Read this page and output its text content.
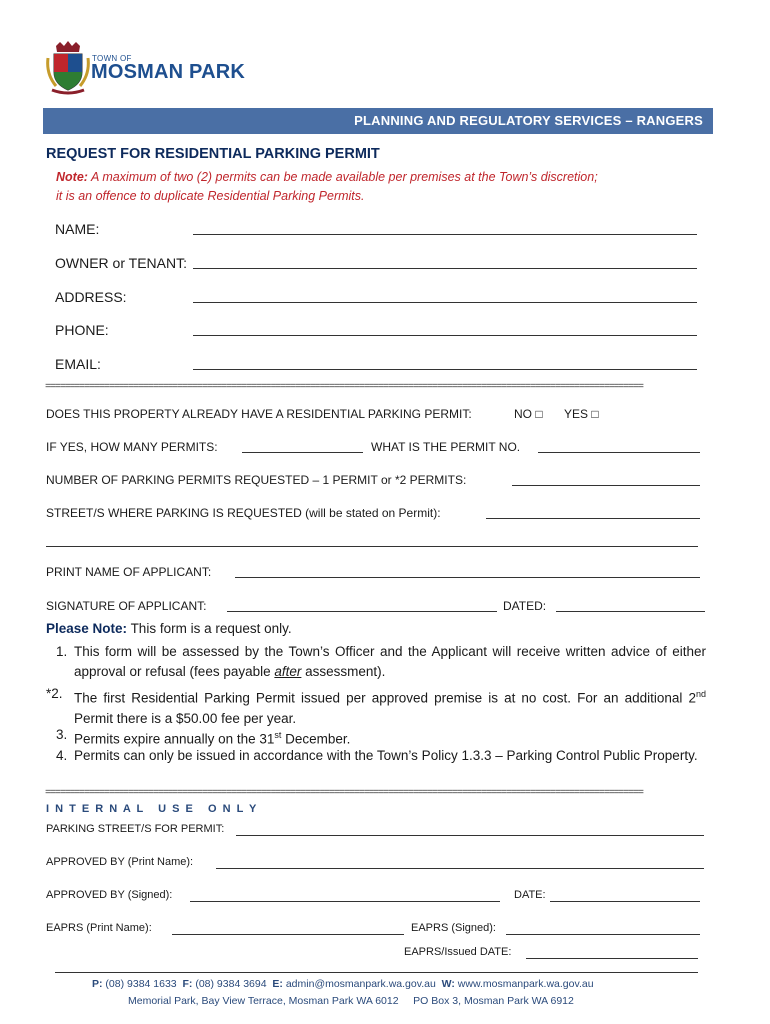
TOWN OF
MOSMAN PARK
PLANNING AND REGULATORY SERVICES – RANGERS
REQUEST FOR RESIDENTIAL PARKING PERMIT
Note: A maximum of two (2) permits can be made available per premises at the Town’s discretion;
it is an offence to duplicate Residential Parking Permits.
NAME:
OWNER or TENANT:
ADDRESS:
PHONE:
EMAIL:
==========================================================================================================================
DOES THIS PROPERTY ALREADY HAVE A RESIDENTIAL PARKING PERMIT:	NO □ YES □
IF YES, HOW MANY PERMITS:	WHAT IS THE PERMIT NO.
NUMBER OF PARKING PERMITS REQUESTED – 1 PERMIT or *2 PERMITS:
STREET/S WHERE PARKING IS REQUESTED (will be stated on Permit):
PRINT NAME OF APPLICANT:
SIGNATURE OF APPLICANT:	DATED:
Please Note: This form is a request only.
1. This form will be assessed by the Town’s Officer and the Applicant will receive written advice of either approval or refusal (fees payable after assessment).
*2. The first Residential Parking Permit issued per approved premise is at no cost. For an additional 2nd Permit there is a $50.00 fee per year.
3. Permits expire annually on the 31st December.
4. Permits can only be issued in accordance with the Town’s Policy 1.3.3 – Parking Control Public Property.
==========================================================================================================================
I N T E R N A L   U S E   O N L Y
PARKING STREET/S FOR PERMIT:
APPROVED BY (Print Name):
APPROVED BY (Signed):	DATE:
EAPRS (Print Name):	EAPRS (Signed):
EAPRS/Issued DATE:
P: (08) 9384 1633 F: (08) 9384 3694 E: admin@mosmanpark.wa.gov.au W: www.mosmanpark.wa.gov.au
Memorial Park, Bay View Terrace, Mosman Park WA 6012 PO Box 3, Mosman Park WA 6912
